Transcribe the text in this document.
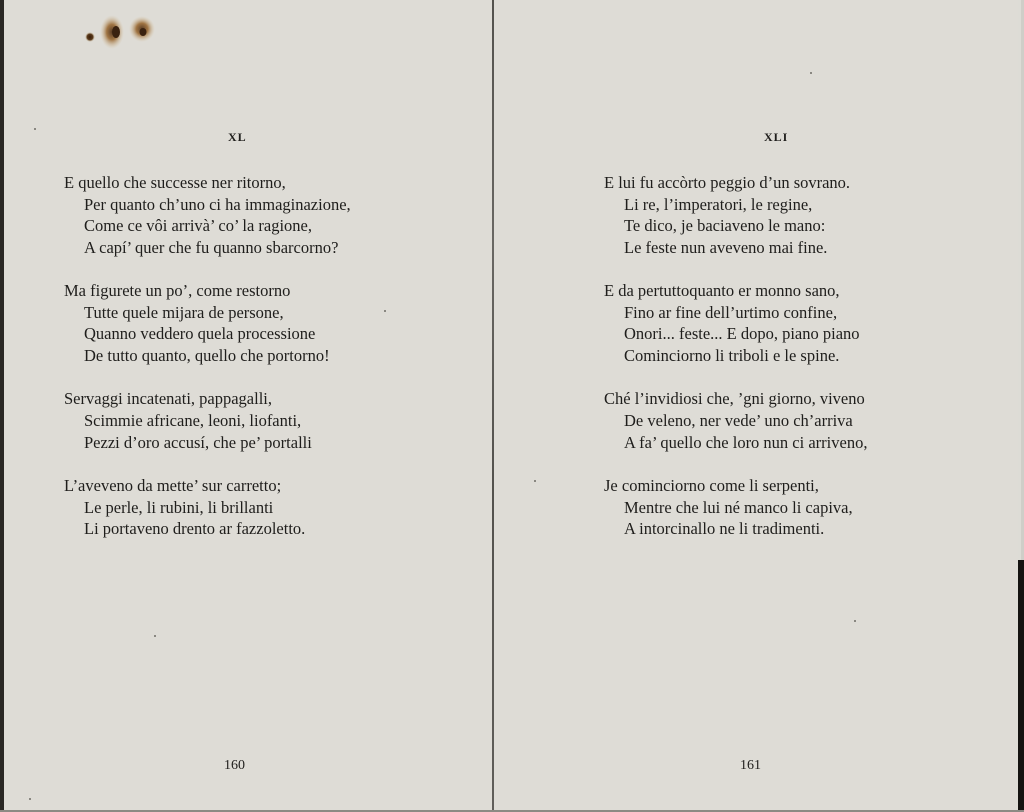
XL
E quello che successe ner ritorno,
Per quanto ch’uno ci ha immaginazione,
Come ce vôi arrivà’ co’ la ragione,
A capí’ quer che fu quanno sbarcorno?
Ma figurete un po’, come restorno
Tutte quele mijara de persone,
Quanno veddero quela processione
De tutto quanto, quello che portorno!
Servaggi incatenati, pappagalli,
Scimmie africane, leoni, liofanti,
Pezzi d’oro accusí, che pe’ portalli
L’aveveno da mette’ sur carretto;
Le perle, li rubini, li brillanti
Li portaveno drento ar fazzoletto.
160
XLI
E lui fu accòrto peggio d’un sovrano.
Li re, l’imperatori, le regine,
Te dico, je baciaveno le mano:
Le feste nun aveveno mai fine.
E da pertuttoquanto er monno sano,
Fino ar fine dell’urtimo confine,
Onori... feste... E dopo, piano piano
Cominciorno li triboli e le spine.
Ché l’invidiosi che, ’gni giorno, viveno
De veleno, ner vede’ uno ch’arriva
A fa’ quello che loro nun ci arriveno,
Je cominciorno come li serpenti,
Mentre che lui né manco li capiva,
A intorcinallo ne li tradimenti.
161
